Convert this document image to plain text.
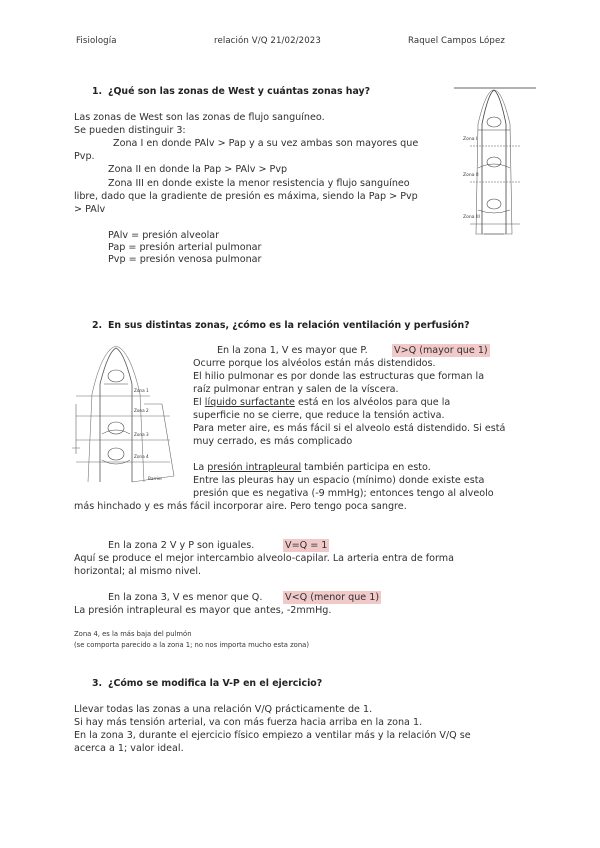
Fisiología	relación V/Q 21/02/2023	Raquel Campos López
1. ¿Qué son las zonas de West y cuántas zonas hay?
Las zonas de West son las zonas de flujo sanguíneo.
Se pueden distinguir 3:
Zona I en donde PAlv > Pap y a su vez ambas son mayores que
Pvp.
Zona II en donde la Pap > PAlv > Pvp
Zona III en donde existe la menor resistencia y flujo sanguíneo
libre, dado que la gradiente de presión es máxima, siendo la Pap > Pvp
> PAlv
PAlv = presión alveolar
Pap = presión arterial pulmonar
Pvp = presión venosa pulmonar
Zona I
Zona II
Zona III
2. En sus distintas zonas, ¿cómo es la relación ventilación y perfusión?
Zona 1
Zona 2
Zona 3
Zona 4
Barrier
En la zona 1, V es mayor que P.	V>Q (mayor que 1)
Ocurre porque los alvéolos están más distendidos.
El hilio pulmonar es por donde las estructuras que forman la
raíz pulmonar entran y salen de la víscera.
El líquido surfactante está en los alvéolos para que la
superficie no se cierre, que reduce la tensión activa.
Para meter aire, es más fácil si el alveolo está distendido. Si está
muy cerrado, es más complicado
La presión intrapleural también participa en esto.
Entre las pleuras hay un espacio (mínimo) donde existe esta
presión que es negativa (-9 mmHg); entonces tengo al alveolo
más hinchado y es más fácil incorporar aire. Pero tengo poca sangre.
En la zona 2 V y P son iguales.	V=Q = 1
Aquí se produce el mejor intercambio alveolo-capilar. La arteria entra de forma
horizontal; al mismo nivel.
En la zona 3, V es menor que Q. V<Q (menor que 1)
La presión intrapleural es mayor que antes, -2mmHg.
Zona 4, es la más baja del pulmón
(se comporta parecido a la zona 1; no nos importa mucho esta zona)
3. ¿Cómo se modifica la V-P en el ejercicio?
Llevar todas las zonas a una relación V/Q prácticamente de 1.
Si hay más tensión arterial, va con más fuerza hacia arriba en la zona 1.
En la zona 3, durante el ejercicio físico empiezo a ventilar más y la relación V/Q se
acerca a 1; valor ideal.
